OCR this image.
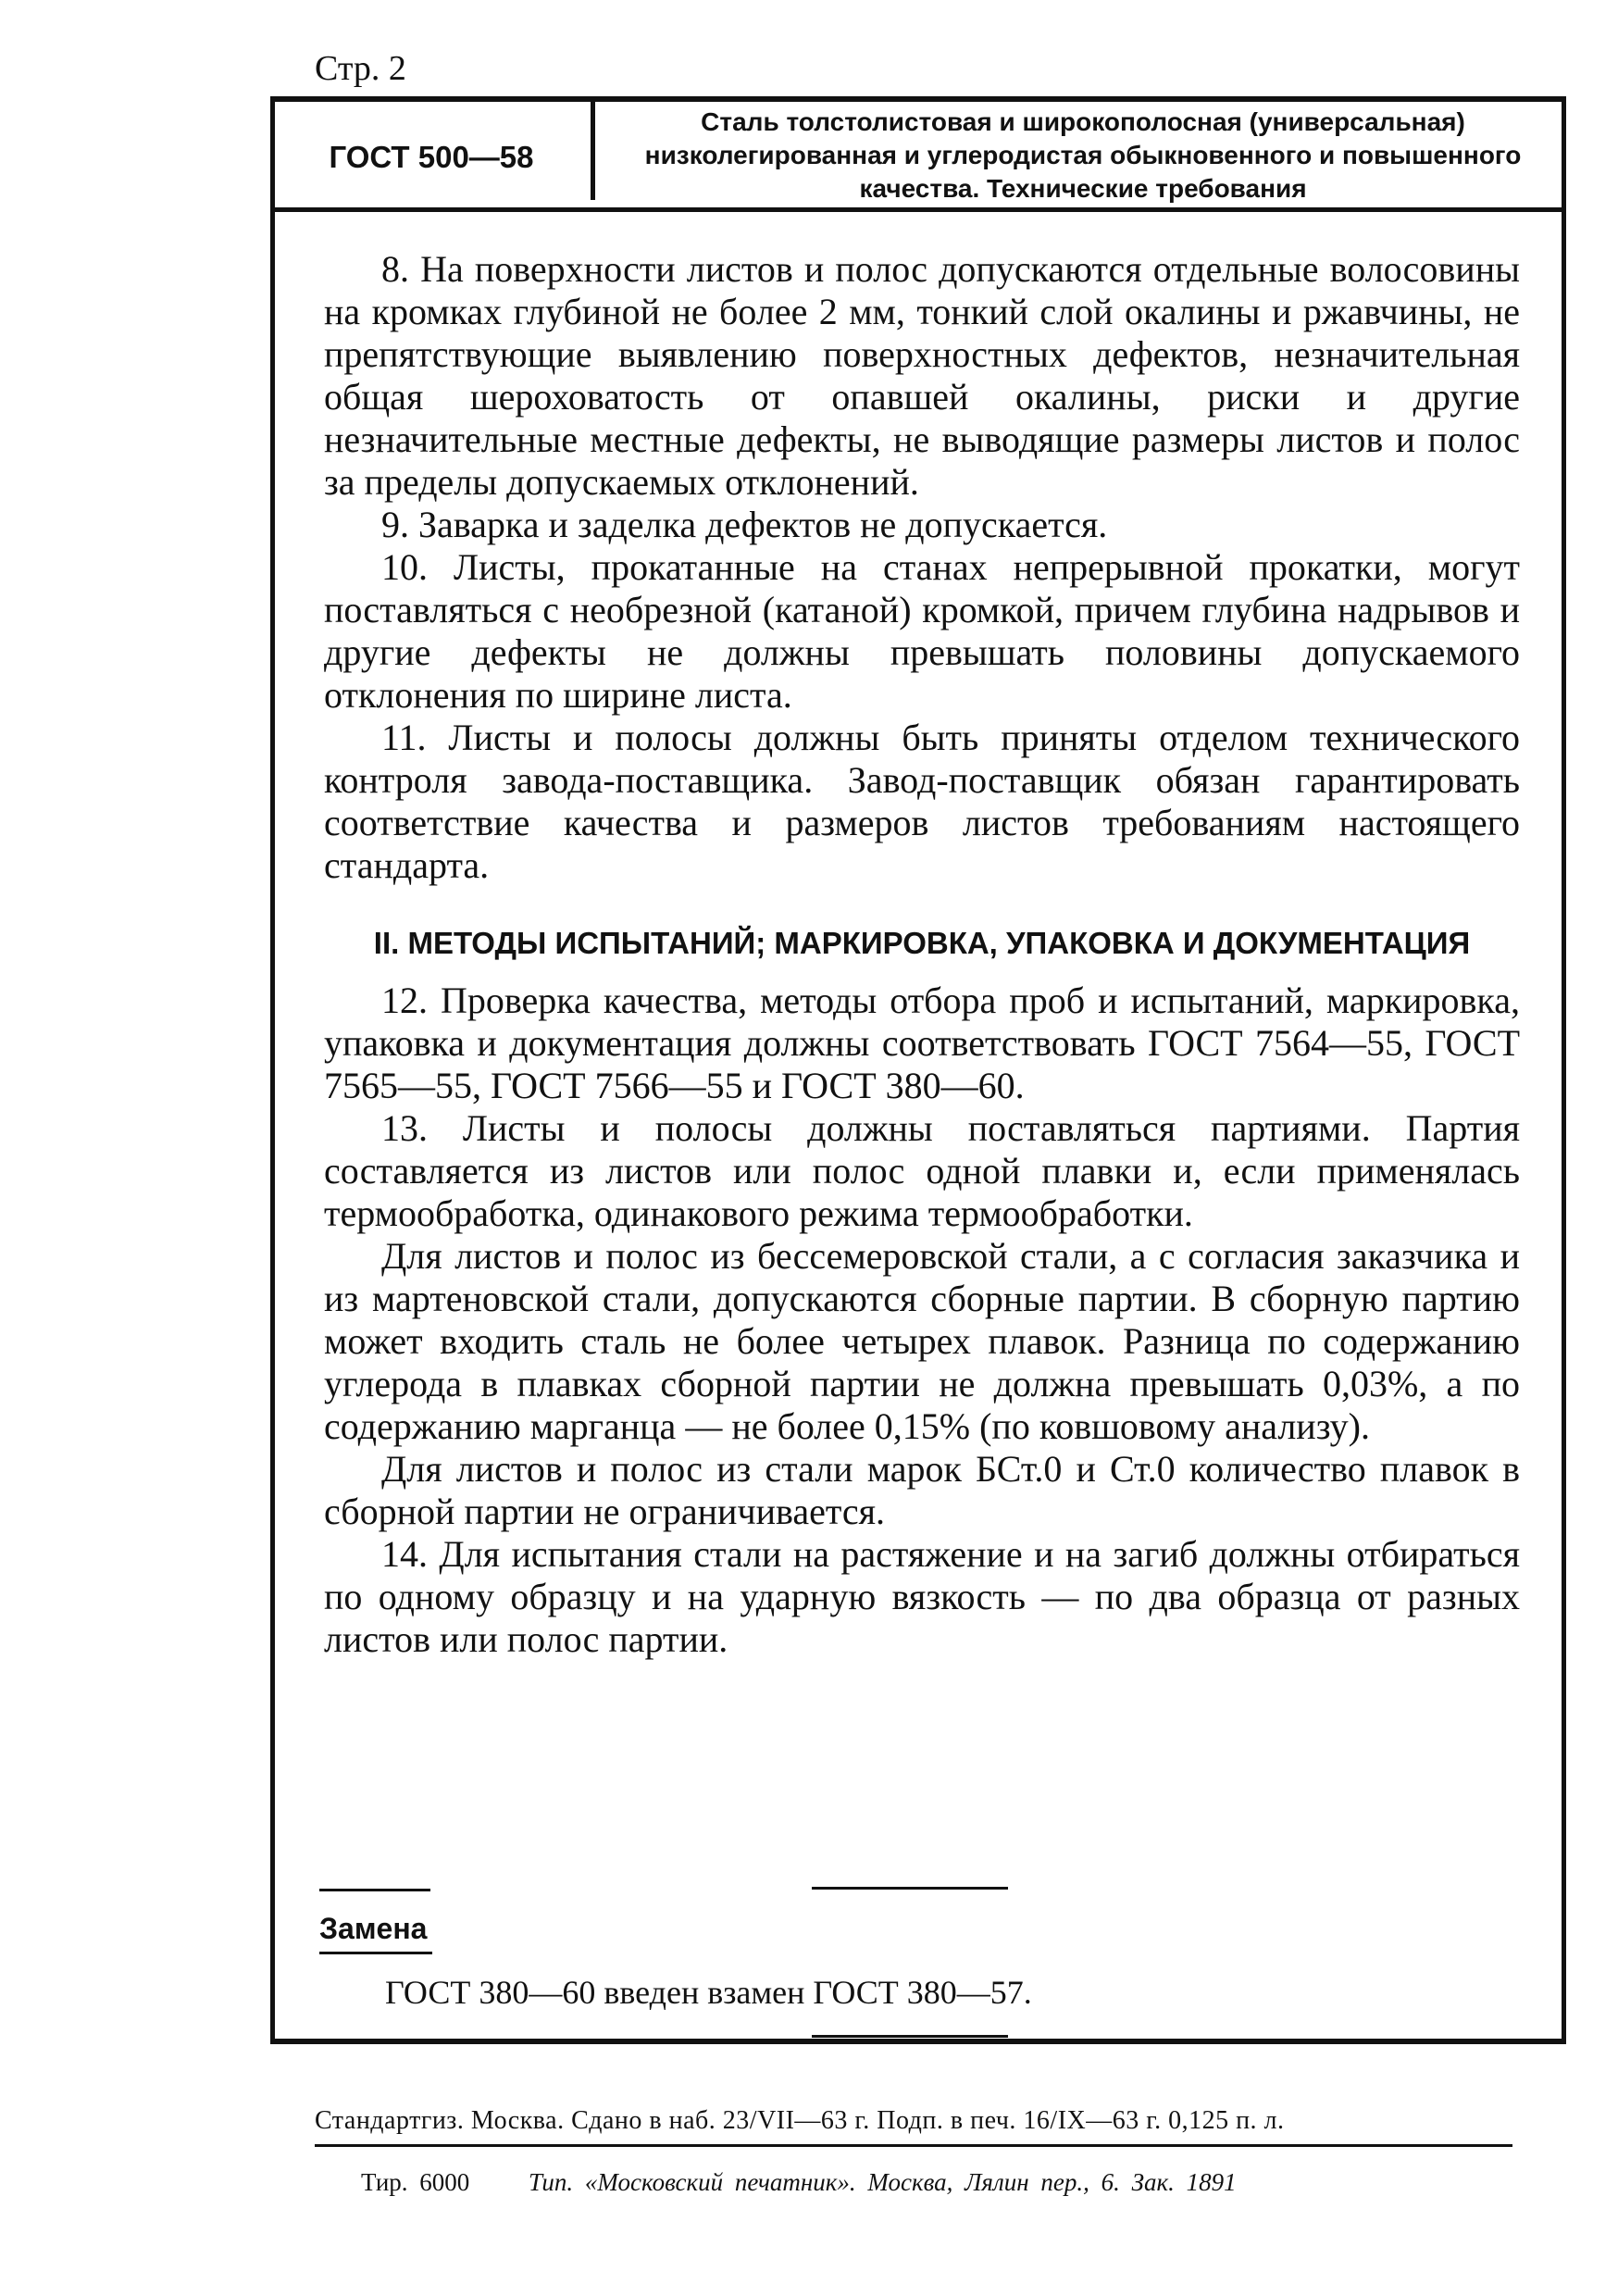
Стр. 2
ГОСТ 500—58
Сталь толстолистовая и широкополосная (универсальная) низколегированная и углеродистая обыкновенного и повышенного качества. Технические требования

8. На поверхности листов и полос допускаются отдельные волосовины на кромках глубиной не более 2 мм, тонкий слой окалины и ржавчины, не препятствующие выявлению поверхностных дефектов, незначительная общая шероховатость от опавшей окалины, риски и другие незначительные местные дефекты, не выводящие размеры листов и полос за пределы допускаемых отклонений.

9. Заварка и заделка дефектов не допускается.

10. Листы, прокатанные на станах непрерывной прокатки, могут поставляться с необрезной (катаной) кромкой, причем глубина надрывов и другие дефекты не должны превышать половины допускаемого отклонения по ширине листа.

11. Листы и полосы должны быть приняты отделом технического контроля завода-поставщика. Завод-поставщик обязан гарантировать соответствие качества и размеров листов требованиям настоящего стандарта.

II. МЕТОДЫ ИСПЫТАНИЙ; МАРКИРОВКА, УПАКОВКА И ДОКУМЕНТАЦИЯ

12. Проверка качества, методы отбора проб и испытаний, маркировка, упаковка и документация должны соответствовать ГОСТ 7564—55, ГОСТ 7565—55, ГОСТ 7566—55 и ГОСТ 380—60.

13. Листы и полосы должны поставляться партиями. Партия составляется из листов или полос одной плавки и, если применялась термообработка, одинакового режима термообработки.

Для листов и полос из бессемеровской стали, а с согласия заказчика и из мартеновской стали, допускаются сборные партии. В сборную партию может входить сталь не более четырех плавок. Разница по содержанию углерода в плавках сборной партии не должна превышать 0,03%, а по содержанию марганца — не более 0,15% (по ковшовому анализу).

Для листов и полос из стали марок БСт.0 и Ст.0 количество плавок в сборной партии не ограничивается.

14. Для испытания стали на растяжение и на загиб должны отбираться по одному образцу и на ударную вязкость — по два образца от разных листов или полос партии.

Замена
ГОСТ 380—60 введен взамен ГОСТ 380—57.
Стандартгиз. Москва. Сдано в наб. 23/VII—63 г. Подп. в печ. 16/IX—63 г. 0,125 п. л.
Тир. 6000 Тип. «Московский печатник». Москва, Лялин пер., 6. Зак. 1891
